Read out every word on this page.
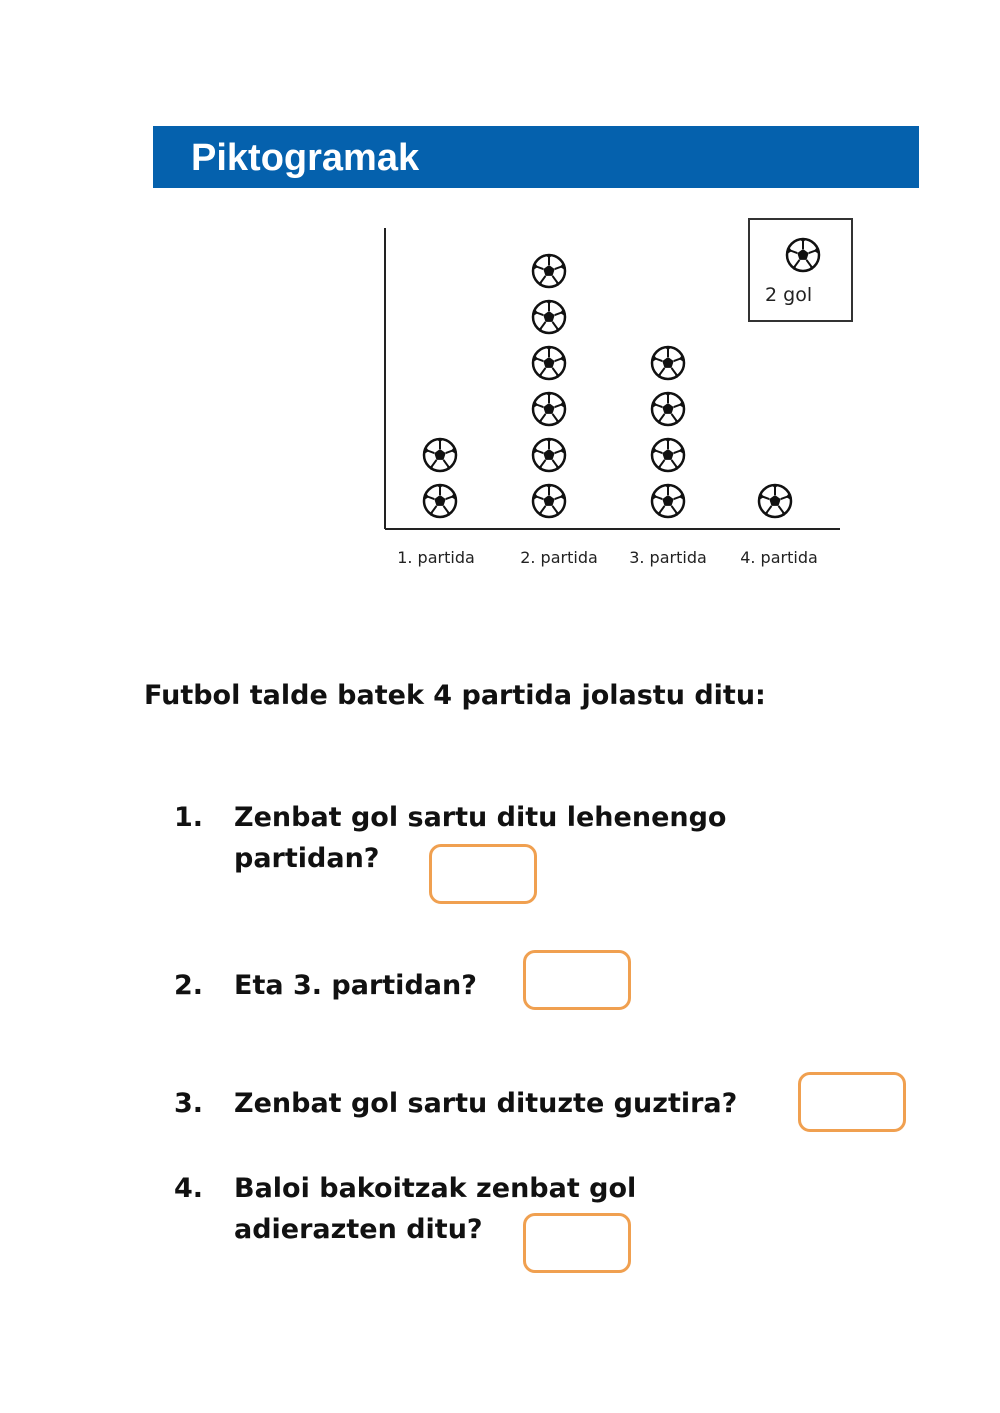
Piktogramak
1. partida	2. partida 3. partida 4. partida
2 gol
Futbol talde batek 4 partida jolastu ditu:
1. Zenbat gol sartu ditu lehenengo
partidan?
2. Eta 3. partidan?
3. Zenbat gol sartu dituzte guztira?
4. Baloi bakoitzak zenbat gol
adierazten ditu?
